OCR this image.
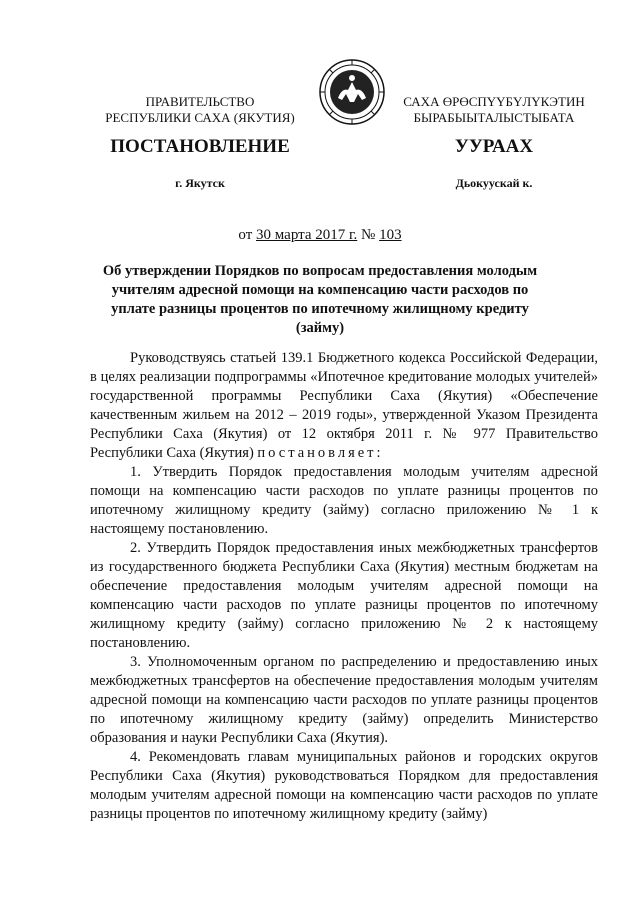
ПРАВИТЕЛЬСТВО
РЕСПУБЛИКИ САХА (ЯКУТИЯ)
САХА ӨРӨСПҮҮБҮЛҮКЭТИН
БЫРАБЫЫТАЛЫСТЫБАТА
ПОСТАНОВЛЕНИЕ	УУРААХ
г. Якутск	Дьокуускай к.
от 30 марта 2017 г. № 103
Об утверждении Порядков по вопросам предоставления молодым учителям адресной помощи на компенсацию части расходов по уплате разницы процентов по ипотечному жилищному кредиту (займу)

Руководствуясь статьей 139.1 Бюджетного кодекса Российской Федерации, в целях реализации подпрограммы «Ипотечное кредитование молодых учителей» государственной программы Республики Саха (Якутия) «Обеспечение качественным жильем на 2012 – 2019 годы», утвержденной Указом Президента Республики Саха (Якутия) от 12 октября 2011 г. № 977 Правительство Республики Саха (Якутия) постановляет:

1. Утвердить Порядок предоставления молодым учителям адресной помощи на компенсацию части расходов по уплате разницы процентов по ипотечному жилищному кредиту (займу) согласно приложению № 1 к настоящему постановлению.

2. Утвердить Порядок предоставления иных межбюджетных трансфертов из государственного бюджета Республики Саха (Якутия) местным бюджетам на обеспечение предоставления молодым учителям адресной помощи на компенсацию части расходов по уплате разницы процентов по ипотечному жилищному кредиту (займу) согласно приложению № 2 к настоящему постановлению.

3. Уполномоченным органом по распределению и предоставлению иных межбюджетных трансфертов на обеспечение предоставления молодым учителям адресной помощи на компенсацию части расходов по уплате разницы процентов по ипотечному жилищному кредиту (займу) определить Министерство образования и науки Республики Саха (Якутия).

4. Рекомендовать главам муниципальных районов и городских округов Республики Саха (Якутия) руководствоваться Порядком для предоставления молодым учителям адресной помощи на компенсацию части расходов по уплате разницы процентов по ипотечному жилищному кредиту (займу)
